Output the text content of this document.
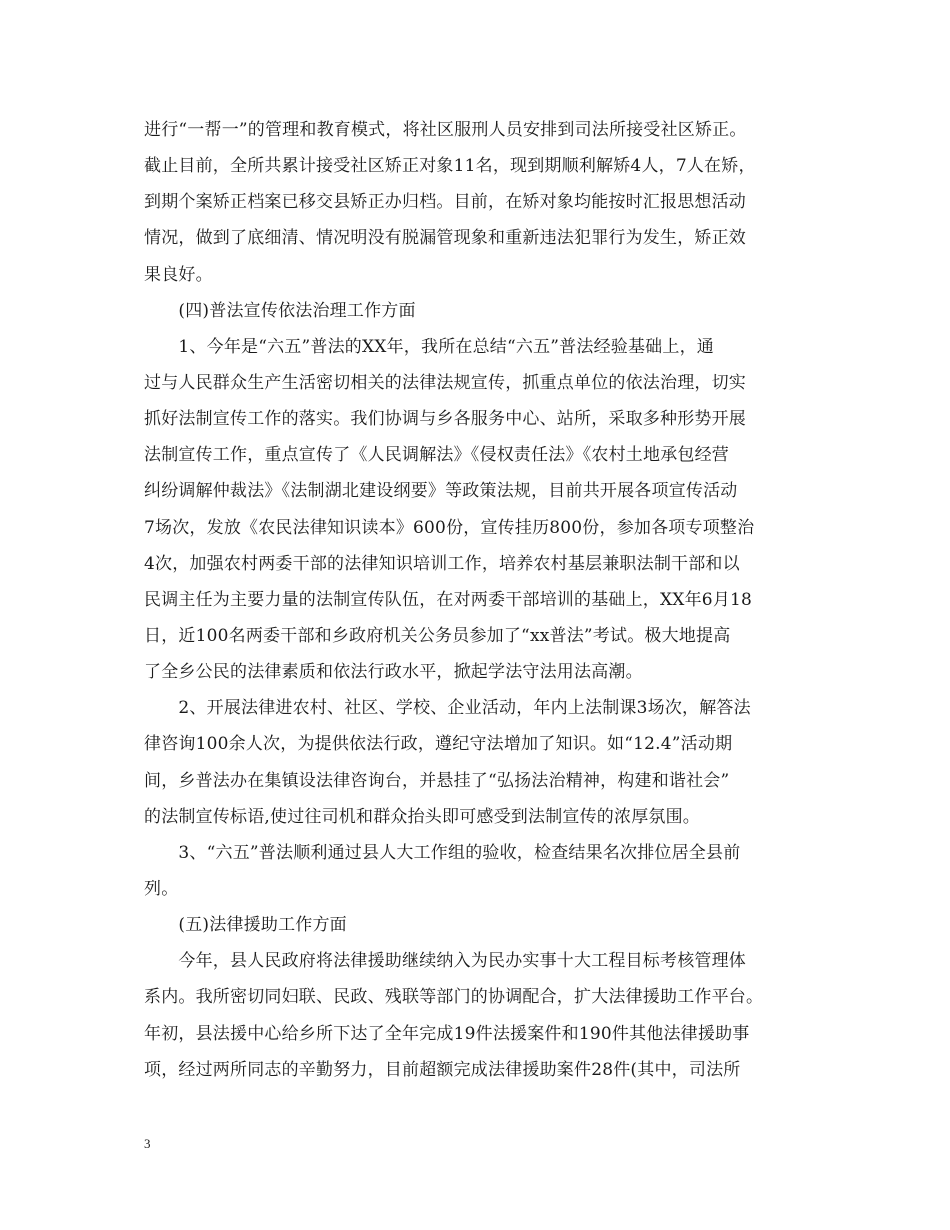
进行“一帮一”的管理和教育模式，将社区服刑人员安排到司法所接受社区矫正。
截止目前，全所共累计接受社区矫正对象11名，现到期顺利解矫4人，7人在矫，
到期个案矫正档案已移交县矫正办归档。目前，在矫对象均能按时汇报思想活动
情况，做到了底细清、情况明没有脱漏管现象和重新违法犯罪行为发生，矫正效
果良好。
　　(四)普法宣传依法治理工作方面
　　1、今年是“六五”普法的XX年，我所在总结“六五”普法经验基础上，通
过与人民群众生产生活密切相关的法律法规宣传，抓重点单位的依法治理，切实
抓好法制宣传工作的落实。我们协调与乡各服务中心、站所，采取多种形势开展
法制宣传工作，重点宣传了《人民调解法》《侵权责任法》《农村土地承包经营
纠纷调解仲裁法》《法制湖北建设纲要》等政策法规，目前共开展各项宣传活动
7场次，发放《农民法律知识读本》600份，宣传挂历800份，参加各项专项整治
4次，加强农村两委干部的法律知识培训工作，培养农村基层兼职法制干部和以
民调主任为主要力量的法制宣传队伍，在对两委干部培训的基础上，XX年6月18
日，近100名两委干部和乡政府机关公务员参加了“xx普法”考试。极大地提高
了全乡公民的法律素质和依法行政水平，掀起学法守法用法高潮。
　　2、开展法律进农村、社区、学校、企业活动，年内上法制课3场次，解答法
律咨询100余人次，为提供依法行政，遵纪守法增加了知识。如“12.4”活动期
间，乡普法办在集镇设法律咨询台，并悬挂了“弘扬法治精神，构建和谐社会”
的法制宣传标语,使过往司机和群众抬头即可感受到法制宣传的浓厚氛围。
　　3、“六五”普法顺利通过县人大工作组的验收，检查结果名次排位居全县前
列。
　　(五)法律援助工作方面
　　今年，县人民政府将法律援助继续纳入为民办实事十大工程目标考核管理体
系内。我所密切同妇联、民政、残联等部门的协调配合，扩大法律援助工作平台。
年初，县法援中心给乡所下达了全年完成19件法援案件和190件其他法律援助事
项，经过两所同志的辛勤努力，目前超额完成法律援助案件28件(其中，司法所
3
